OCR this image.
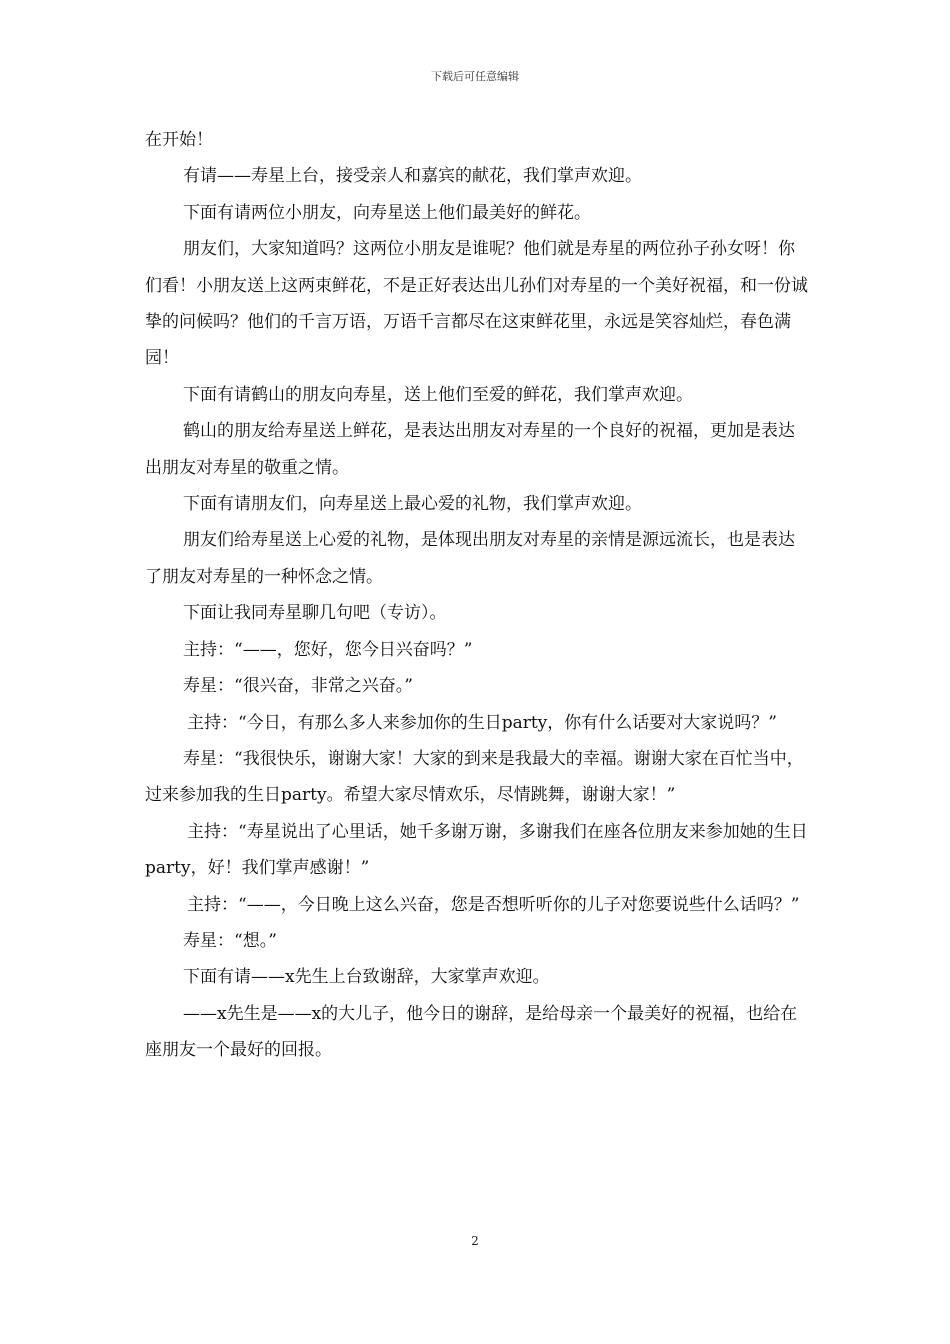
下载后可任意编辑

在开始！

有请——寿星上台，接受亲人和嘉宾的献花，我们掌声欢迎。

下面有请两位小朋友，向寿星送上他们最美好的鲜花。

朋友们，大家知道吗？这两位小朋友是谁呢？他们就是寿星的两位孙子孙女呀！你们看！小朋友送上这两束鲜花，不是正好表达出儿孙们对寿星的一个美好祝福，和一份诚挚的问候吗？他们的千言万语，万语千言都尽在这束鲜花里，永远是笑容灿烂，春色满园！

下面有请鹤山的朋友向寿星，送上他们至爱的鲜花，我们掌声欢迎。

鹤山的朋友给寿星送上鲜花，是表达出朋友对寿星的一个良好的祝福，更加是表达出朋友对寿星的敬重之情。

下面有请朋友们，向寿星送上最心爱的礼物，我们掌声欢迎。

朋友们给寿星送上心爱的礼物，是体现出朋友对寿星的亲情是源远流长，也是表达了朋友对寿星的一种怀念之情。

下面让我同寿星聊几句吧（专访）。

主持：“——，您好，您今日兴奋吗？”

寿星：“很兴奋，非常之兴奋。”

主持：“今日，有那么多人来参加你的生日party，你有什么话要对大家说吗？”

寿星：“我很快乐，谢谢大家！大家的到来是我最大的幸福。谢谢大家在百忙当中，过来参加我的生日party。希望大家尽情欢乐，尽情跳舞，谢谢大家！”

主持：“寿星说出了心里话，她千多谢万谢，多谢我们在座各位朋友来参加她的生日party，好！我们掌声感谢！”

主持：“——，今日晚上这么兴奋，您是否想听听你的儿子对您要说些什么话吗？”

寿星：“想。”

下面有请——x先生上台致谢辞，大家掌声欢迎。

——x先生是——x的大儿子，他今日的谢辞，是给母亲一个最美好的祝福，也给在座朋友一个最好的回报。

2
